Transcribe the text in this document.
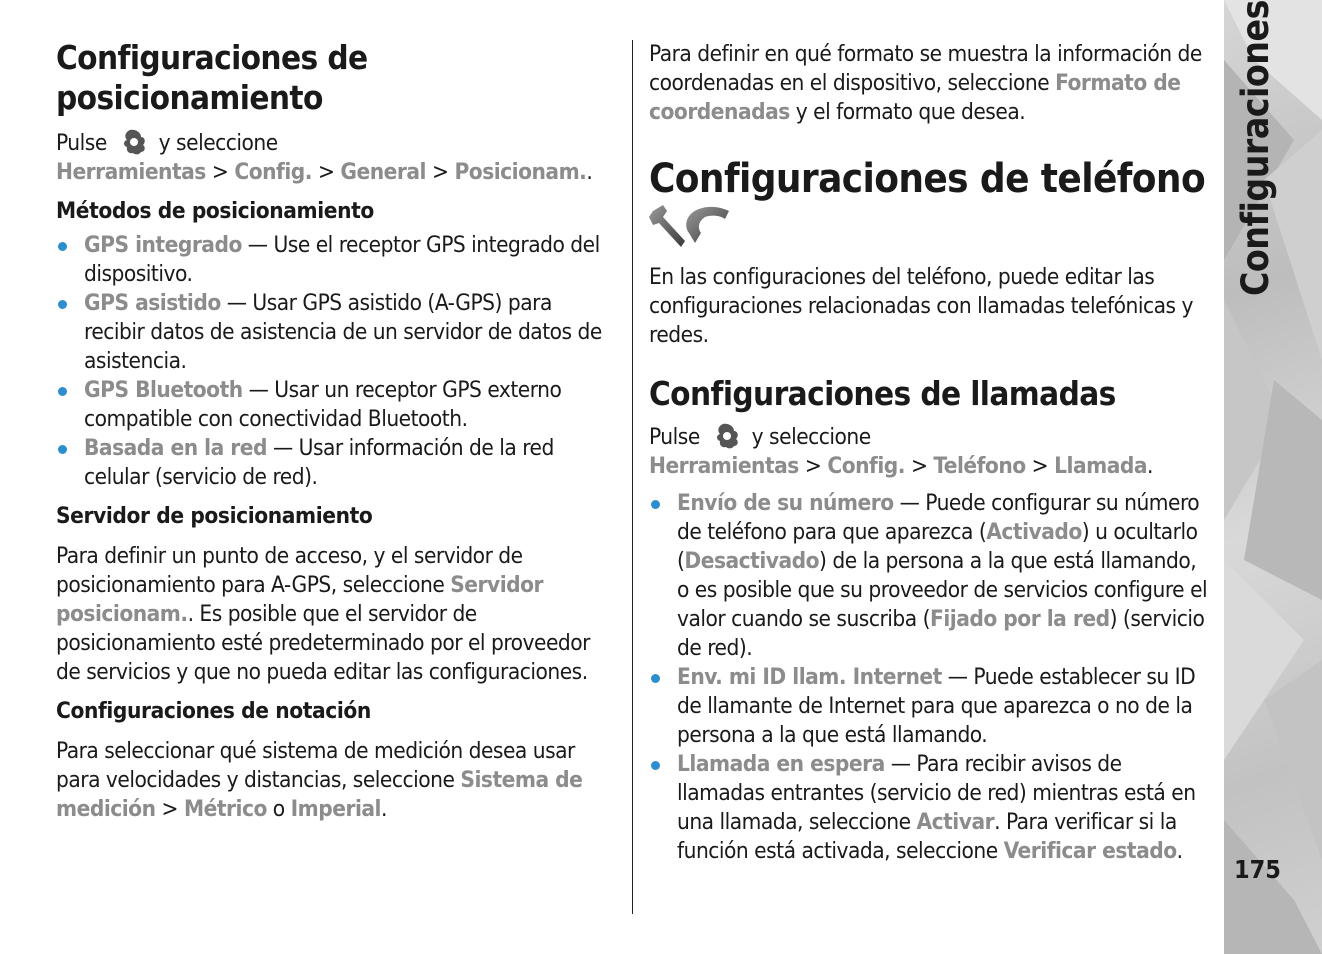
Configuraciones
175
Configuraciones de posicionamiento

Pulse y seleccione Herramientas > Config. > General > Posicionam..

Métodos de posicionamiento
GPS integrado — Use el receptor GPS integrado del dispositivo.
GPS asistido — Usar GPS asistido (A-GPS) para recibir datos de asistencia de un servidor de datos de asistencia.
GPS Bluetooth — Usar un receptor GPS externo compatible con conectividad Bluetooth.
Basada en la red — Usar información de la red celular (servicio de red).
Servidor de posicionamiento

Para definir un punto de acceso, y el servidor de posicionamiento para A-GPS, seleccione Servidor posicionam.. Es posible que el servidor de posicionamiento esté predeterminado por el proveedor de servicios y que no pueda editar las configuraciones.

Configuraciones de notación

Para seleccionar qué sistema de medición desea usar para velocidades y distancias, seleccione Sistema de medición > Métrico o Imperial.

Para definir en qué formato se muestra la información de coordenadas en el dispositivo, seleccione Formato de coordenadas y el formato que desea.

Configuraciones de teléfono

En las configuraciones del teléfono, puede editar las configuraciones relacionadas con llamadas telefónicas y redes.

Configuraciones de llamadas

Pulse y seleccione Herramientas > Config. > Teléfono > Llamada.

Envío de su número — Puede configurar su número de teléfono para que aparezca (Activado) u ocultarlo (Desactivado) de la persona a la que está llamando, o es posible que su proveedor de servicios configure el valor cuando se suscriba (Fijado por la red) (servicio de red).
Env. mi ID llam. Internet — Puede establecer su ID de llamante de Internet para que aparezca o no de la persona a la que está llamando.
Llamada en espera — Para recibir avisos de llamadas entrantes (servicio de red) mientras está en una llamada, seleccione Activar. Para verificar si la función está activada, seleccione Verificar estado.
